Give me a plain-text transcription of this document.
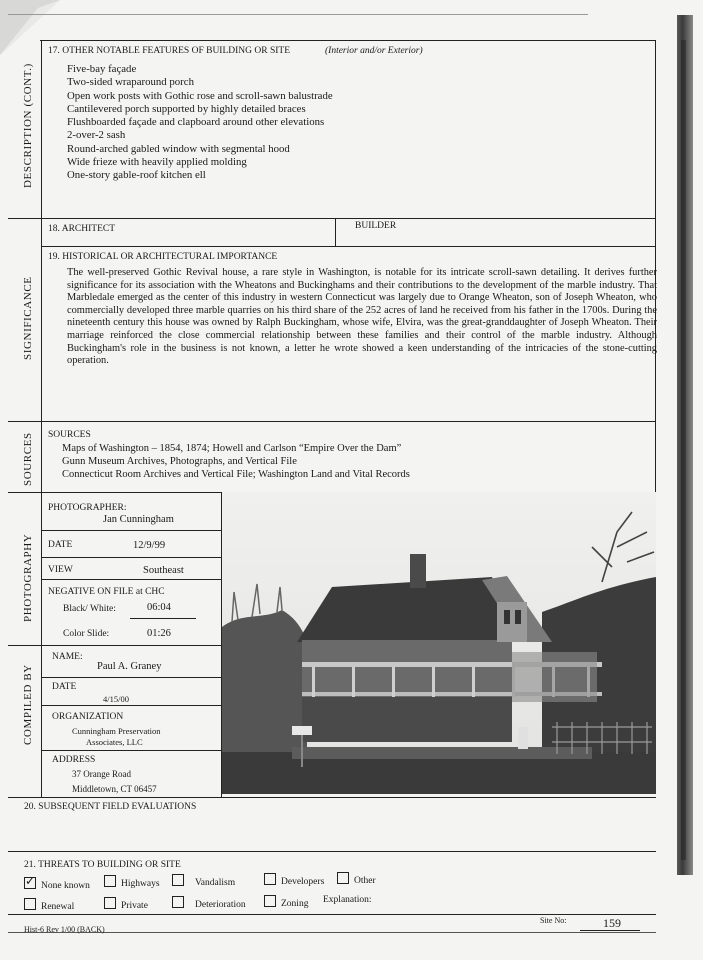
DESCRIPTION (CONT.)
17. OTHER NOTABLE FEATURES OF BUILDING OR SITE	(Interior and/or Exterior)
Five-bay façade
Two-sided wraparound porch
Open work posts with Gothic rose and scroll-sawn balustrade
Cantilevered porch supported by highly detailed braces
Flushboarded façade and clapboard around other elevations
2-over-2 sash
Round-arched gabled window with segmental hood
Wide frieze with heavily applied molding
One-story gable-roof kitchen ell
18. ARCHITECT	BUILDER
SIGNIFICANCE
19. HISTORICAL OR ARCHITECTURAL IMPORTANCE
The well-preserved Gothic Revival house, a rare style in Washington, is notable for its intricate scroll-sawn detailing. It derives further significance for its association with the Wheatons and Buckinghams and their contributions to the development of the marble industry. That Marbledale emerged as the center of this industry in western Connecticut was largely due to Orange Wheaton, son of Joseph Wheaton, who commercially developed three marble quarries on his third share of the 252 acres of land he received from his father in the 1700s. During the nineteenth century this house was owned by Ralph Buckingham, whose wife, Elvira, was the great-granddaughter of Joseph Wheaton. Their marriage reinforced the close commercial relationship between these families and their control of the marble industry. Although Buckingham's role in the business is not known, a letter he wrote showed a keen understanding of the intricacies of the stone-cutting operation.
SOURCES SOURCES
Maps of Washington – 1854, 1874; Howell and Carlson “Empire Over the Dam”
Gunn Museum Archives, Photographs, and Vertical File
Connecticut Room Archives and Vertical File; Washington Land and Vital Records
PHOTOGRAPHY
PHOTOGRAPHER:
Jan Cunningham
DATE	12/9/99
VIEW	Southeast
NEGATIVE ON FILE at CHC
Black/ White:	06:04
Color Slide:	01:26
COMPILED BY
NAME:
Paul A. Graney
DATE
4/15/00
ORGANIZATION
Cunningham Preservation
Associates, LLC
ADDRESS
37 Orange Road
Middletown, CT 06457
20. SUBSEQUENT FIELD EVALUATIONS
21. THREATS TO BUILDING OR SITE
✓None known	Highways	Vandalism	Developers	Other
Renewal	Private	Deterioration	Zoning Explanation:
Site No:	159
Hist-6 Rev 1/00 (BACK)
